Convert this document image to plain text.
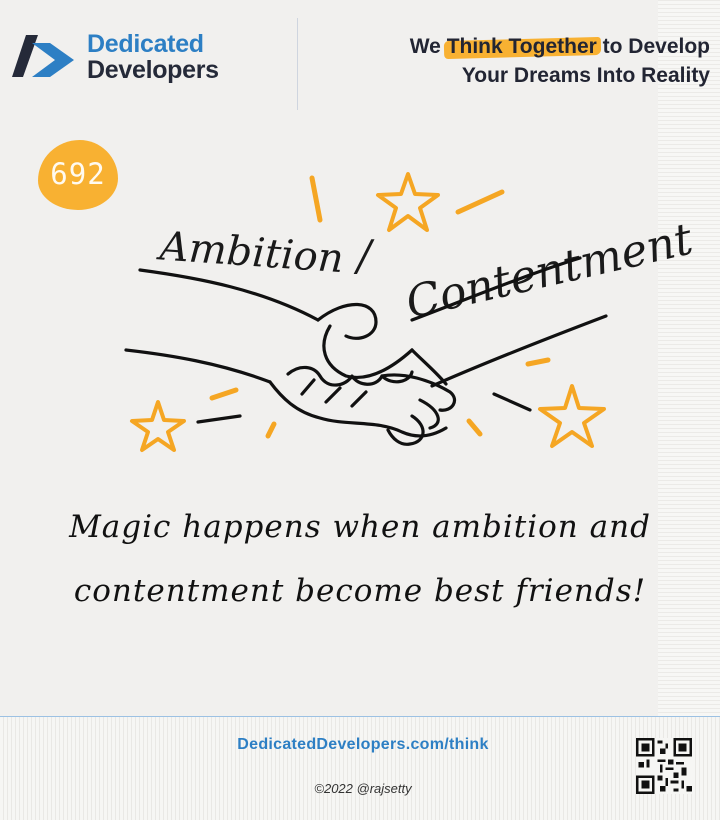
Dedicated
Developers
We Think Together to Develop
Your Dreams Into Reality
692
Ambition / Contentment
Magic happens when ambition and
contentment become best friends!
DedicatedDevelopers.com/think
©2022 @rajsetty
